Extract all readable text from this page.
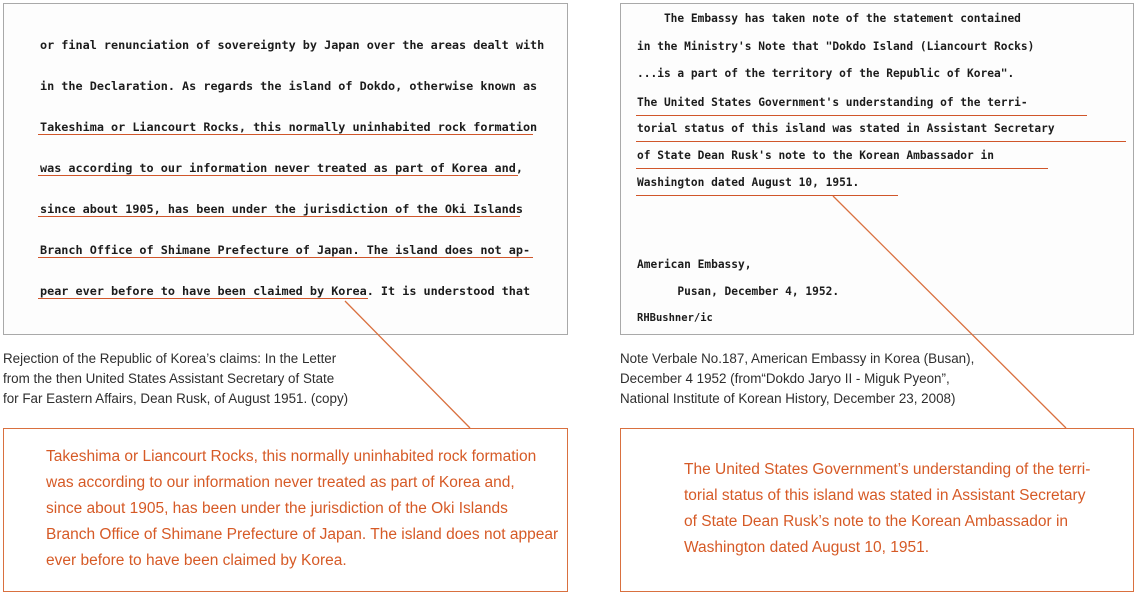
or final renunciation of sovereignty by Japan over the areas dealt with
in the Declaration. As regards the island of Dokdo, otherwise known as
Takeshima or Liancourt Rocks, this normally uninhabited rock formation
was according to our information never treated as part of Korea and,
since about 1905, has been under the jurisdiction of the Oki Islands
Branch Office of Shimane Prefecture of Japan. The island does not ap-
pear ever before to have been claimed by Korea. It is understood that
Rejection of the Republic of Korea’s claims: In the Letter
from the then United States Assistant Secretary of State
for Far Eastern Affairs, Dean Rusk, of August 1951. (copy)
Takeshima or Liancourt Rocks, this normally uninhabited rock formation
was according to our information never treated as part of Korea and,
since about 1905, has been under the jurisdiction of the Oki Islands
Branch Office of Shimane Prefecture of Japan. The island does not appear
ever before to have been claimed by Korea.
The Embassy has taken note of the statement contained
in the Ministry's Note that "Dokdo Island (Liancourt Rocks)
...is a part of the territory of the Republic of Korea".
The United States Government's understanding of the terri-
torial status of this island was stated in Assistant Secretary
of State Dean Rusk's note to the Korean Ambassador in
Washington dated August 10, 1951.
American Embassy,
Pusan, December 4, 1952.
RHBushner/ic
Note Verbale No.187, American Embassy in Korea (Busan),
December 4 1952 (from“Dokdo Jaryo II - Miguk Pyeon”,
National Institute of Korean History, December 23, 2008)
The United States Government’s understanding of the terri-
torial status of this island was stated in Assistant Secretary
of State Dean Rusk’s note to the Korean Ambassador in
Washington dated August 10, 1951.
